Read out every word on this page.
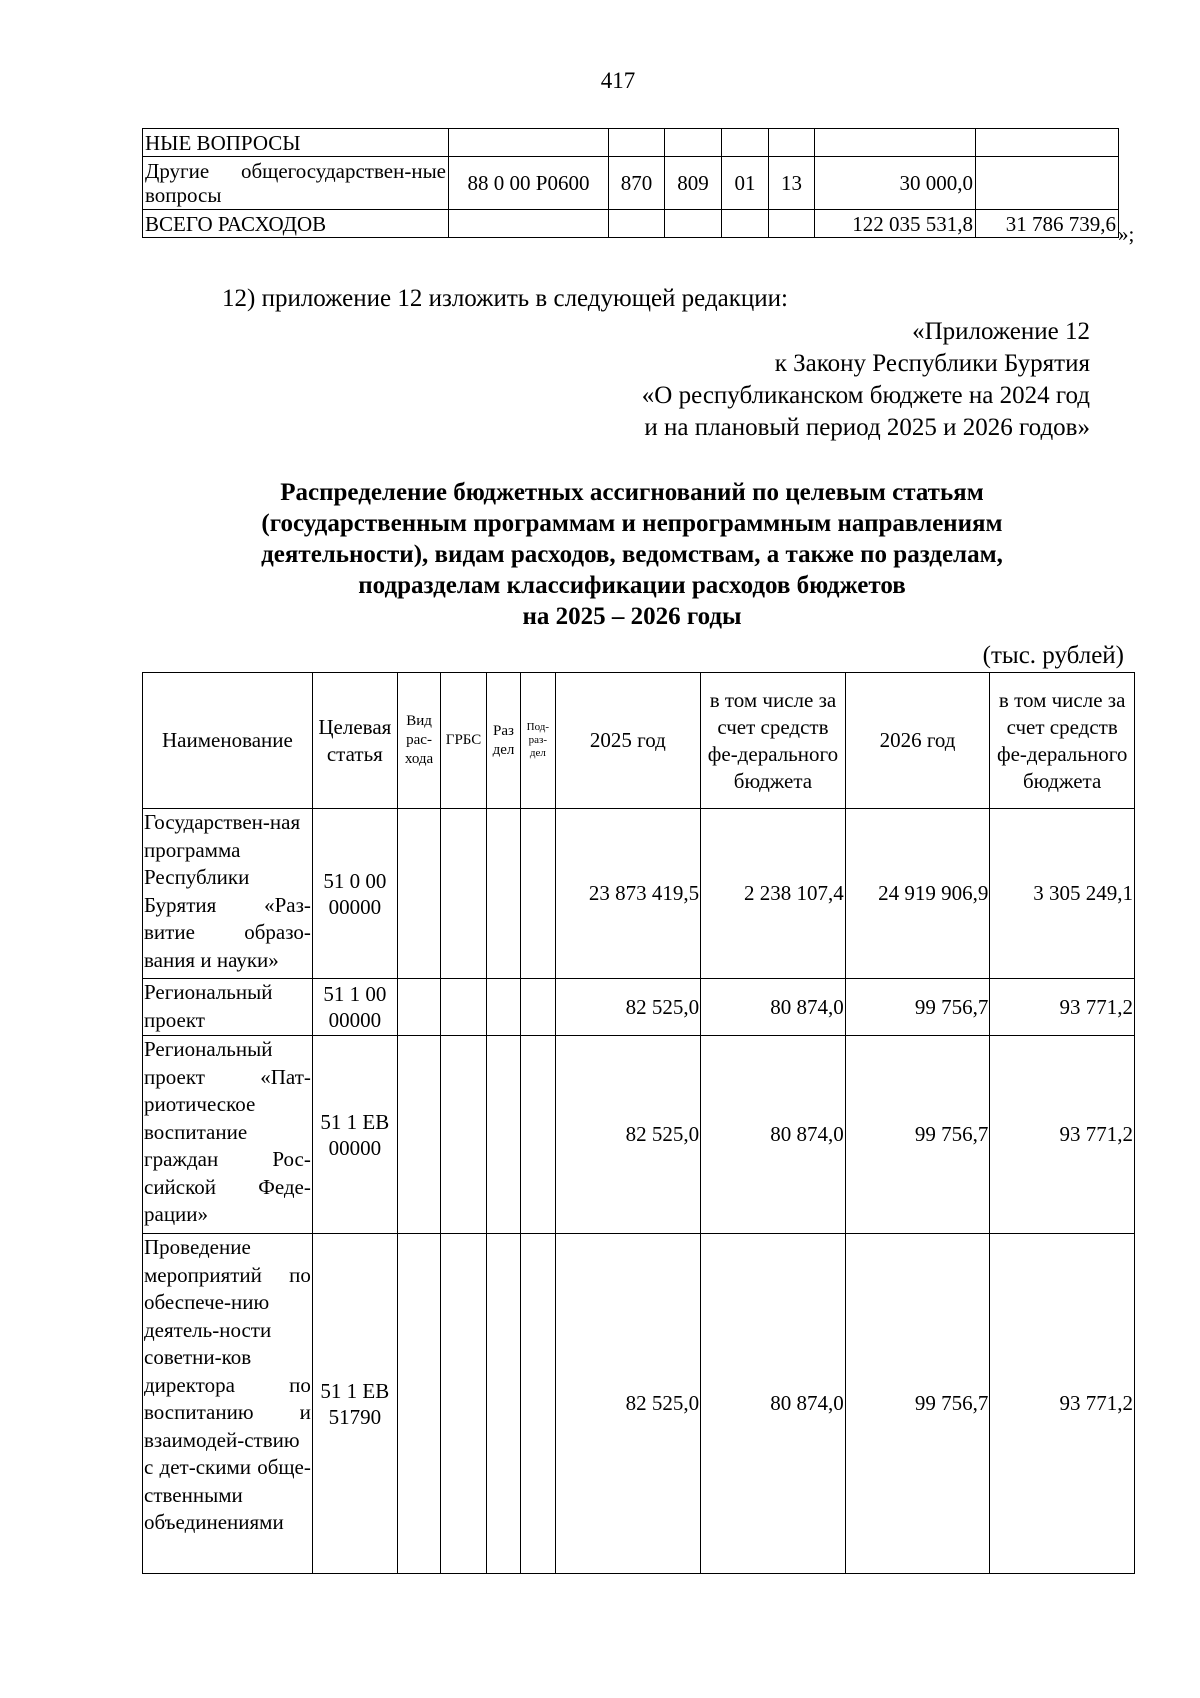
417
НЫЕ ВОПРОСЫ							
Другие общегосударствен-ные вопросы	88 0 00 Р0600	870	809	01	13	30 000,0	
ВСЕГО РАСХОДОВ						122 035 531,8	31 786 739,6 »;
12) приложение 12 изложить в следующей редакции:
«Приложение 12
к Закону Республики Бурятия
«О республиканском бюджете на 2024 год
и на плановый период 2025 и 2026 годов»
Распределение бюджетных ассигнований по целевым статьям
(государственным программам и непрограммным направлениям
деятельности), видам расходов, ведомствам, а также по разделам,
подразделам классификации расходов бюджетов
на 2025 – 2026 годы
(тыс. рублей)
Наименование	Целевая статья	Вид рас-хода	ГРБС	Раз дел	Под-раз-дел	2025 год	в том числе за счет средств фе-дерального бюджета	2026 год	в том числе за счет средств фе-дерального бюджета
Государствен-ная программа Республики Бурятия «Раз-витие образо-вания и науки»	51 0 00 00000					23 873 419,5	2 238 107,4	24 919 906,9	3 305 249,1
Региональный проект	51 1 00 00000					82 525,0	80 874,0	99 756,7	93 771,2
Региональный проект «Пат-риотическое воспитание граждан Рос-сийской Феде-рации»	51 1 ЕВ 00000					82 525,0	80 874,0	99 756,7	93 771,2
Проведение мероприятий по обеспече-нию деятель-ности советни-ков директора по воспитанию и взаимодей-ствию с дет-скими обще-ственными объединениями	51 1 ЕВ 51790					82 525,0	80 874,0	99 756,7	93 771,2
